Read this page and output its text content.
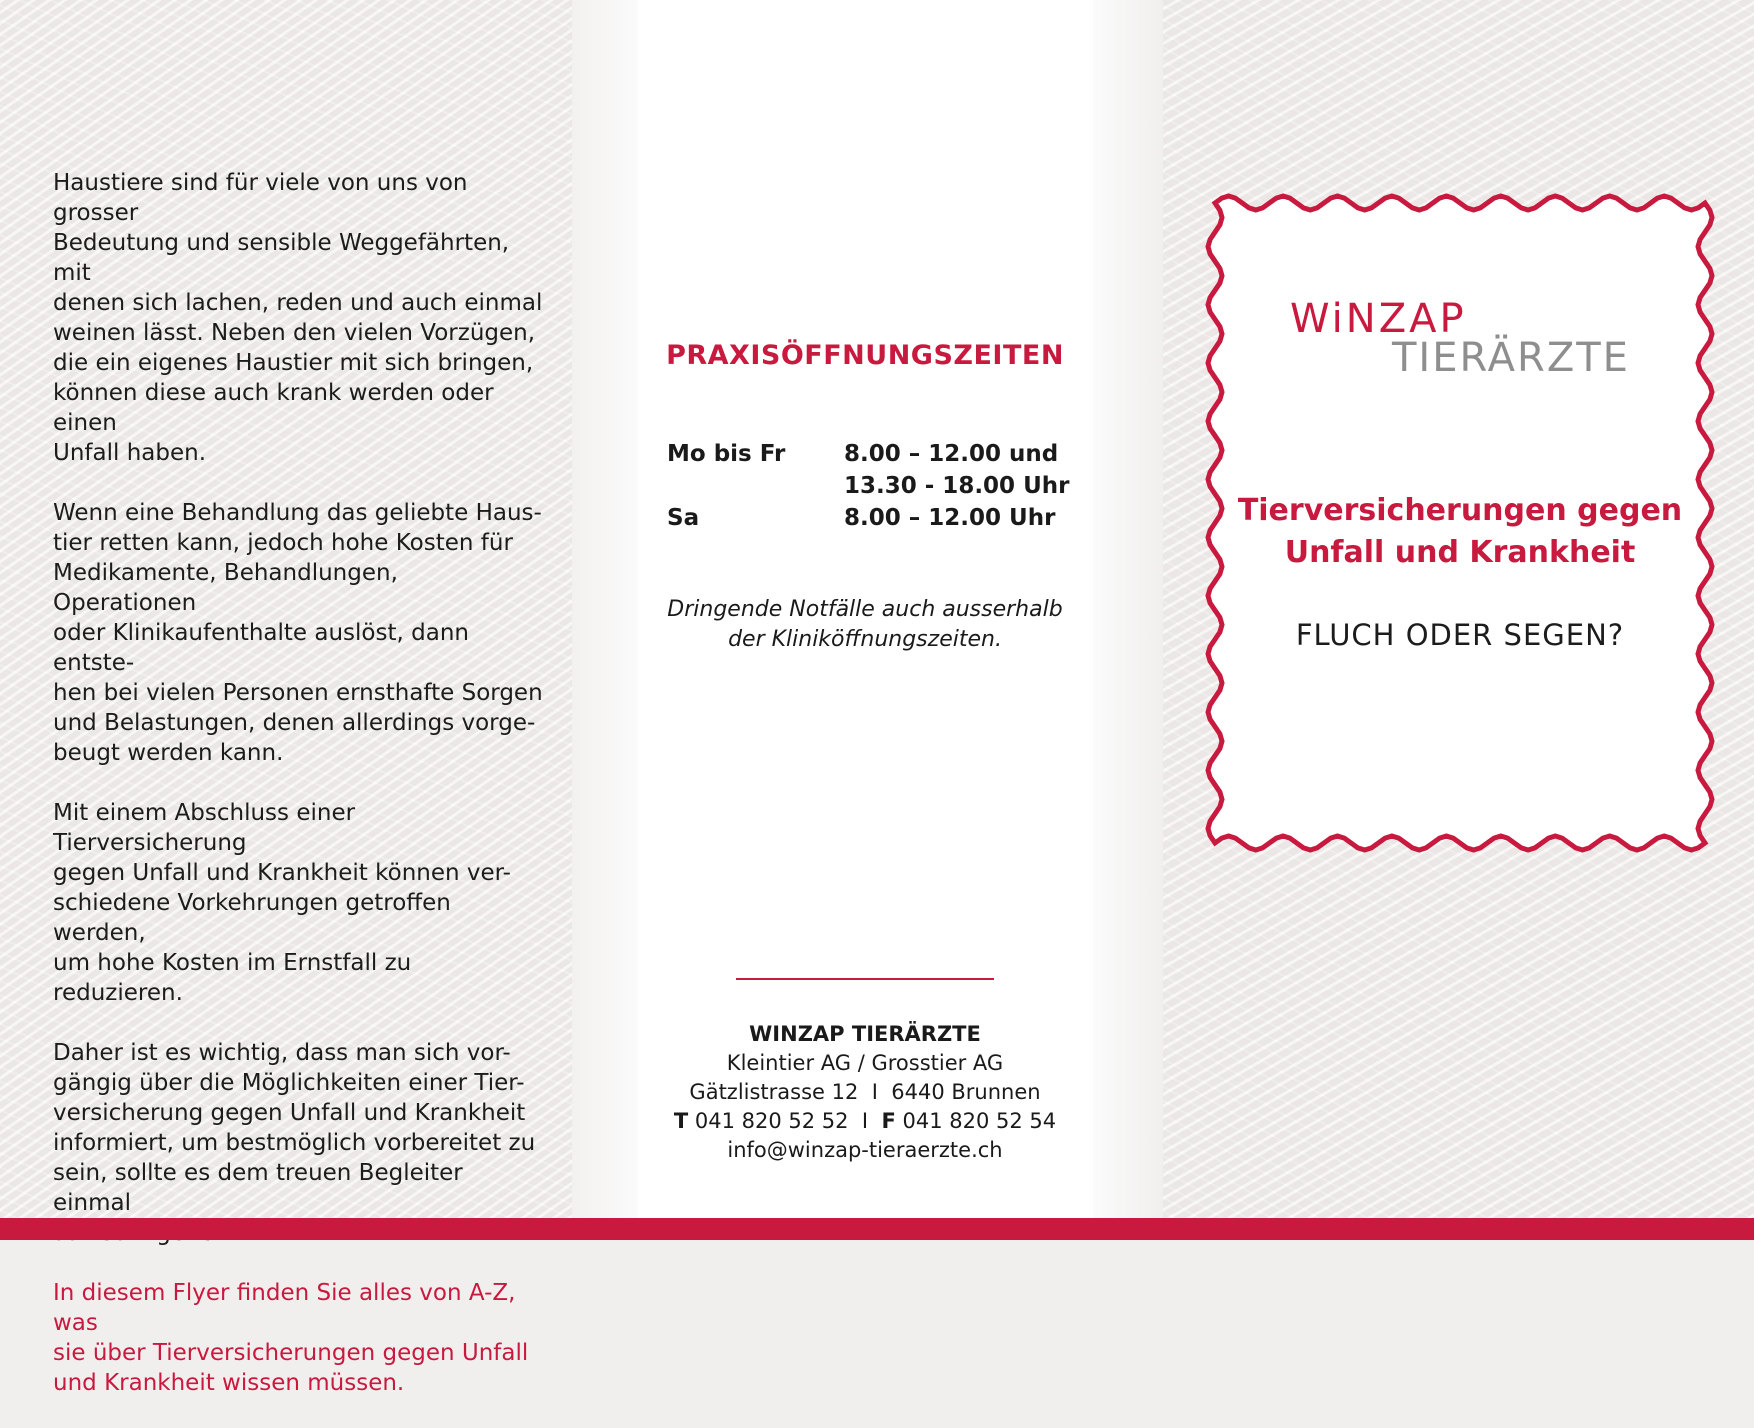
Haustiere sind für viele von uns von grosser
Bedeutung und sensible Weggefährten, mit
denen sich lachen, reden und auch einmal
weinen lässt. Neben den vielen Vorzügen,
die ein eigenes Haustier mit sich bringen,
können diese auch krank werden oder einen
Unfall haben.

Wenn eine Behandlung das geliebte Haus-
tier retten kann, jedoch hohe Kosten für
Medikamente, Behandlungen, Operationen
oder Klinikaufenthalte auslöst, dann entste-
hen bei vielen Personen ernsthafte Sorgen
und Belastungen, denen allerdings vorge-
beugt werden kann.

Mit einem Abschluss einer Tierversicherung
gegen Unfall und Krankheit können ver-
schiedene Vorkehrungen getroffen werden,
um hohe Kosten im Ernstfall zu reduzieren.

Daher ist es wichtig, dass man sich vor-
gängig über die Möglichkeiten einer Tier-
versicherung gegen Unfall und Krankheit
informiert, um bestmöglich vorbereitet zu
sein, sollte es dem treuen Begleiter einmal

In diesem Flyer finden Sie alles von A-Z, was
sie über Tierversicherungen gegen Unfall
und Krankheit wissen müssen.

PRAXISÖFFNUNGSZEITEN
Mo bis Fr	8.00 – 12.00 und
13.30 - 18.00 Uhr
Sa	8.00 – 12.00 Uhr
Dringende Notfälle auch ausserhalb
der Kliniköffnungszeiten.
WINZAP TIERÄRZTE
Kleintier AG / Grosstier AG
Gätzlistrasse 12  I  6440 Brunnen
T 041 820 52 52 I F 041 820 52 54
info@winzap-tieraerzte.ch
WiNZAP
TIERÄRZTE
Tierversicherungen gegen
Unfall und Krankheit
FLUCH ODER SEGEN?
